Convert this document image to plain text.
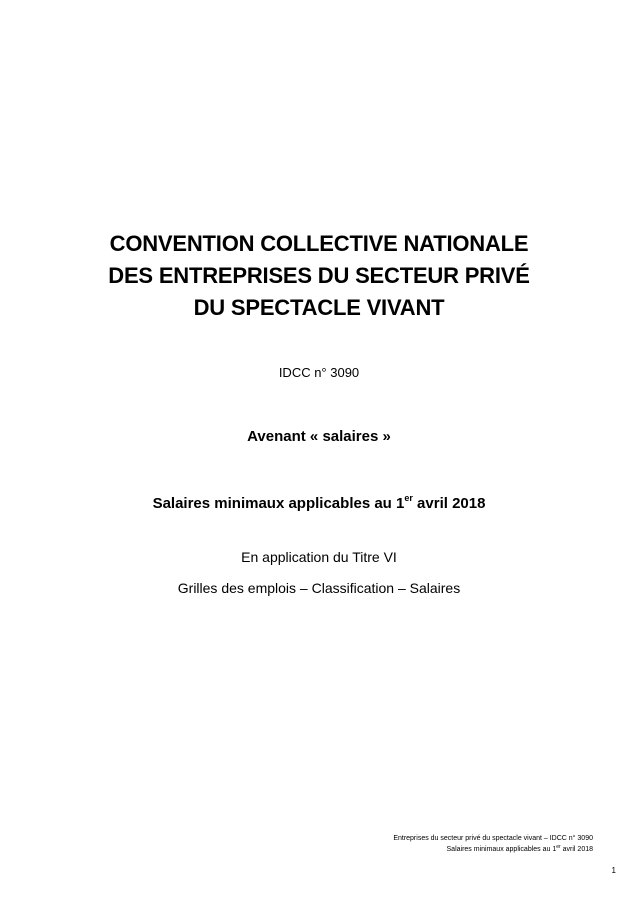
CONVENTION COLLECTIVE NATIONALE
DES ENTREPRISES DU SECTEUR PRIVÉ
DU SPECTACLE VIVANT
IDCC n° 3090
Avenant « salaires »
Salaires minimaux applicables au 1er avril 2018
En application du Titre VI
Grilles des emplois – Classification – Salaires
Entreprises du secteur privé du spectacle vivant – IDCC n° 3090
Salaires minimaux applicables au 1er avril 2018
1
